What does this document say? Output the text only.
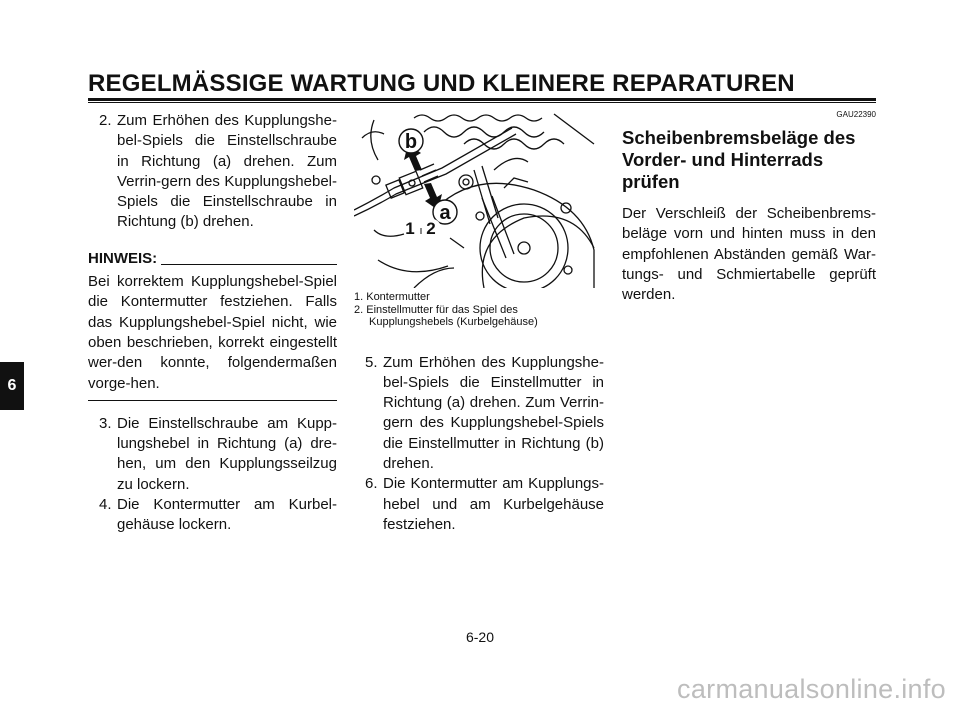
REGELMÄSSIGE WARTUNG UND KLEINERE REPARATUREN
6
2. Zum Erhöhen des Kupplungshe-bel-Spiels die Einstellschraube in Richtung (a) drehen. Zum Verrin-gern des Kupplungshebel-Spiels die Einstellschraube in Richtung (b) drehen.
HINWEIS:
Bei korrektem Kupplungshebel-Spiel die Kontermutter festziehen. Falls das Kupplungshebel-Spiel nicht, wie oben beschrieben, korrekt eingestellt wer-den konnte, folgendermaßen vorge-hen.
3. Die Einstellschraube am Kupp-lungshebel in Richtung (a) dre-hen, um den Kupplungsseilzug zu lockern.
4. Die Kontermutter am Kurbel-gehäuse lockern.
b
a
1 2
1. Kontermutter
2. Einstellmutter für das Spiel des
Kupplungshebels (Kurbelgehäuse)
5. Zum Erhöhen des Kupplungshe-bel-Spiels die Einstellmutter in Richtung (a) drehen. Zum Verrin-gern des Kupplungshebel-Spiels die Einstellmutter in Richtung (b) drehen.
6. Die Kontermutter am Kupplungs-hebel und am Kurbelgehäuse festziehen.
GAU22390
Scheibenbremsbeläge des Vorder- und Hinterrads prüfen
Der Verschleiß der Scheibenbrems-beläge vorn und hinten muss in den empfohlenen Abständen gemäß War-tungs- und Schmiertabelle geprüft werden.
6-20
carmanualsonline.info
